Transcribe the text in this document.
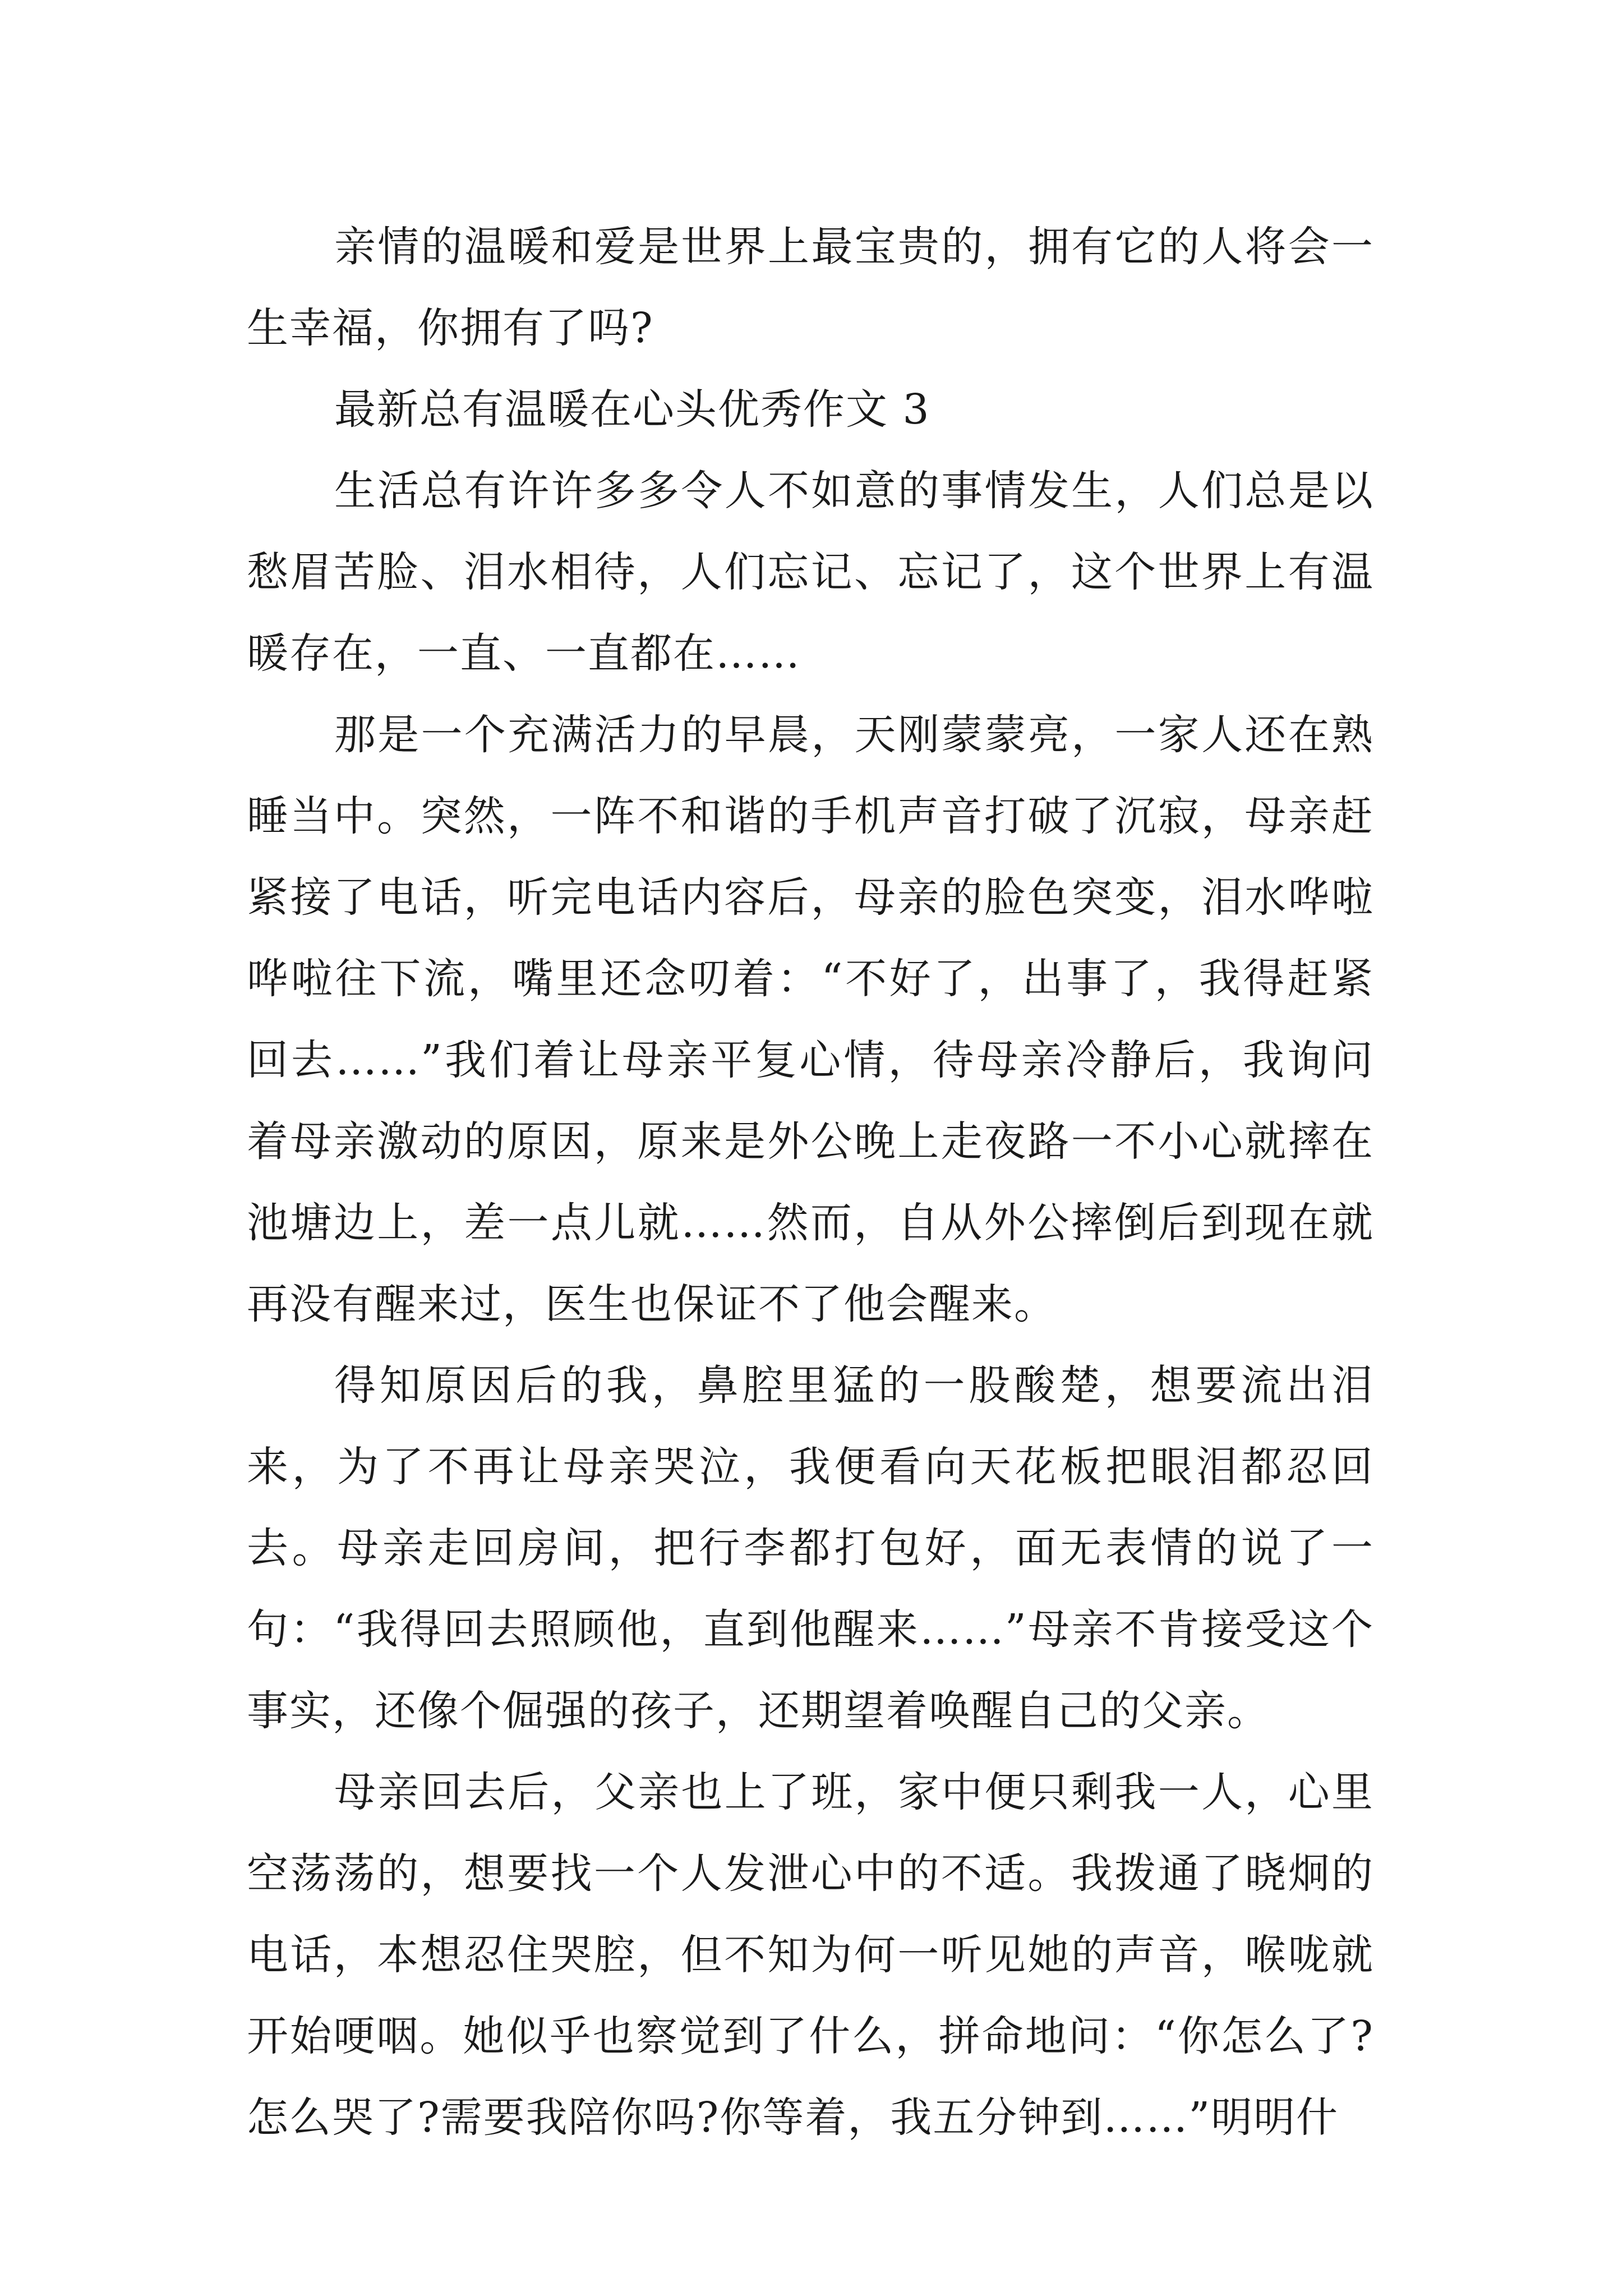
亲情的温暖和爱是世界上最宝贵的，拥有它的人将会一生幸福，你拥有了吗?

最新总有温暖在心头优秀作文 3

生活总有许许多多令人不如意的事情发生，人们总是以愁眉苦脸、泪水相待，人们忘记、忘记了，这个世界上有温暖存在，一直、一直都在……

那是一个充满活力的早晨，天刚蒙蒙亮，一家人还在熟睡当中。突然，一阵不和谐的手机声音打破了沉寂，母亲赶紧接了电话，听完电话内容后，母亲的脸色突变，泪水哗啦哗啦往下流，嘴里还念叨着：“不好了，出事了，我得赶紧回去……”我们着让母亲平复心情，待母亲冷静后，我询问着母亲激动的原因，原来是外公晚上走夜路一不小心就摔在池塘边上，差一点儿就……然而，自从外公摔倒后到现在就再没有醒来过，医生也保证不了他会醒来。

得知原因后的我，鼻腔里猛的一股酸楚，想要流出泪来，为了不再让母亲哭泣，我便看向天花板把眼泪都忍回去。母亲走回房间，把行李都打包好，面无表情的说了一句：“我得回去照顾他，直到他醒来……”母亲不肯接受这个事实，还像个倔强的孩子，还期望着唤醒自己的父亲。

母亲回去后，父亲也上了班，家中便只剩我一人，心里空荡荡的，想要找一个人发泄心中的不适。我拨通了晓炯的电话，本想忍住哭腔，但不知为何一听见她的声音，喉咙就开始哽咽。她似乎也察觉到了什么，拼命地问：“你怎么了?怎么哭了?需要我陪你吗?你等着，我五分钟到……”明明什
